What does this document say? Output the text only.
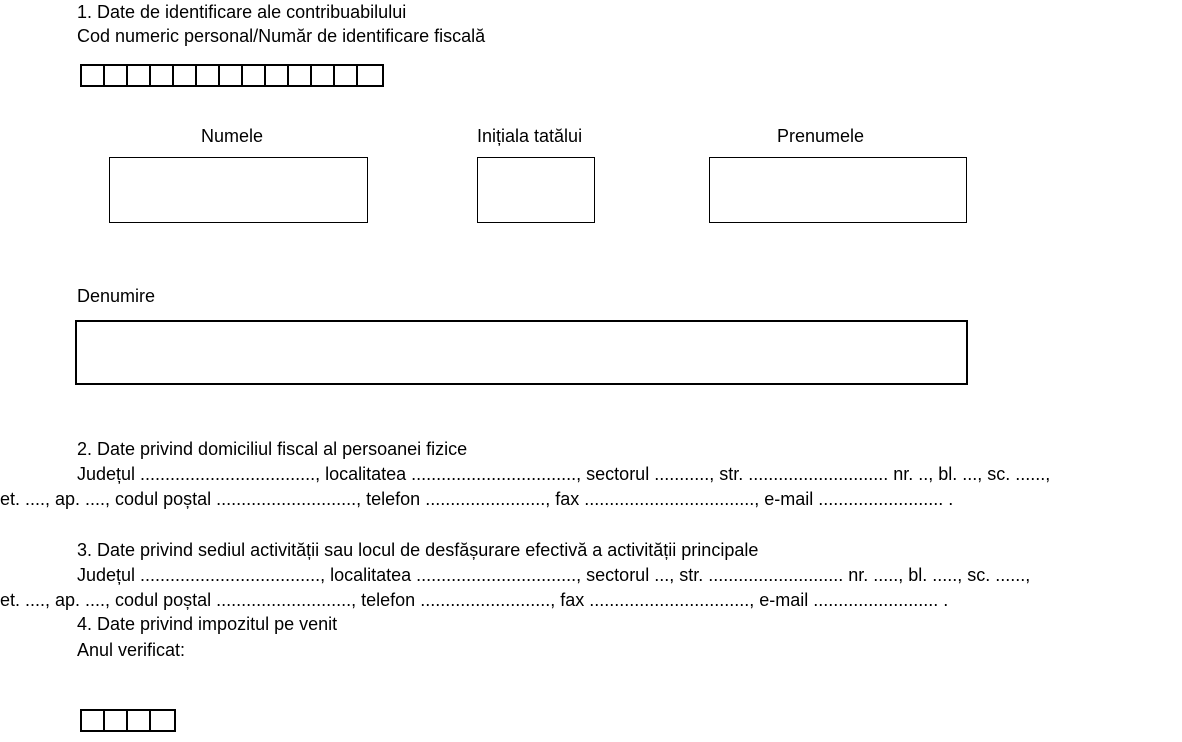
1. Date de identificare ale contribuabilului
Cod numeric personal/Număr de identificare fiscală
Numele	Inițiala tatălui	Prenumele
Denumire
2. Date privind domiciliul fiscal al persoanei fizice
Județul ..................................., localitatea ................................., sectorul ..........., str. ............................ nr. .., bl. ..., sc. ......,
et. ...., ap. ...., codul poștal ............................, telefon ........................, fax .................................., e-mail ......................... .
3. Date privind sediul activității sau locul de desfășurare efectivă a activității principale
Județul ...................................., localitatea ................................, sectorul ..., str. ........................... nr. ....., bl. ....., sc. ......,
et. ...., ap. ...., codul poștal ..........................., telefon .........................., fax ................................, e-mail ......................... .
4. Date privind impozitul pe venit
Anul verificat:
